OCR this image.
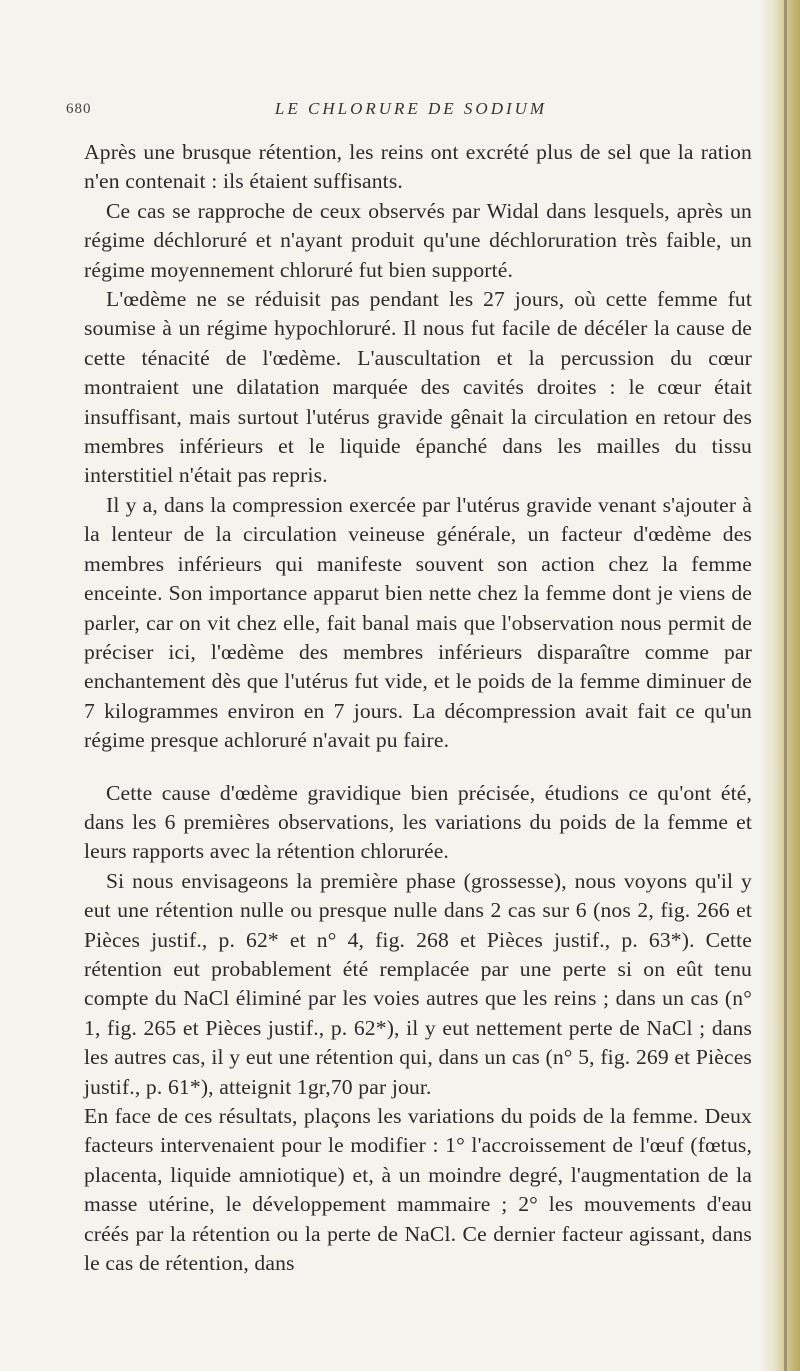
680	LE CHLORURE DE SODIUM

Après une brusque rétention, les reins ont excrété plus de sel que la ration n'en contenait : ils étaient suffisants.

Ce cas se rapproche de ceux observés par Widal dans lesquels, après un régime déchloruré et n'ayant produit qu'une déchloruration très faible, un régime moyennement chloruré fut bien supporté.

L'œdème ne se réduisit pas pendant les 27 jours, où cette femme fut soumise à un régime hypochloruré. Il nous fut facile de décéler la cause de cette ténacité de l'œdème. L'auscultation et la percussion du cœur montraient une dilatation marquée des cavités droites : le cœur était insuffisant, mais surtout l'utérus gravide gênait la circulation en retour des membres inférieurs et le liquide épanché dans les mailles du tissu interstitiel n'était pas repris.

Il y a, dans la compression exercée par l'utérus gravide venant s'ajouter à la lenteur de la circulation veineuse générale, un facteur d'œdème des membres inférieurs qui manifeste souvent son action chez la femme enceinte. Son importance apparut bien nette chez la femme dont je viens de parler, car on vit chez elle, fait banal mais que l'observation nous permit de préciser ici, l'œdème des membres inférieurs disparaître comme par enchantement dès que l'utérus fut vide, et le poids de la femme diminuer de 7 kilogrammes environ en 7 jours. La décompression avait fait ce qu'un régime presque achloruré n'avait pu faire.

Cette cause d'œdème gravidique bien précisée, étudions ce qu'ont été, dans les 6 premières observations, les variations du poids de la femme et leurs rapports avec la rétention chlorurée.

Si nous envisageons la première phase (grossesse), nous voyons qu'il y eut une rétention nulle ou presque nulle dans 2 cas sur 6 (nos 2, fig. 266 et Pièces justif., p. 62* et n° 4, fig. 268 et Pièces justif., p. 63*). Cette rétention eut probablement été remplacée par une perte si on eût tenu compte du NaCl éliminé par les voies autres que les reins ; dans un cas (n° 1, fig. 265 et Pièces justif., p. 62*), il y eut nettement perte de NaCl ; dans les autres cas, il y eut une rétention qui, dans un cas (n° 5, fig. 269 et Pièces justif., p. 61*), atteignit 1gr,70 par jour.

En face de ces résultats, plaçons les variations du poids de la femme. Deux facteurs intervenaient pour le modifier : 1° l'accroissement de l'œuf (fœtus, placenta, liquide amniotique) et, à un moindre degré, l'augmentation de la masse utérine, le développement mammaire ; 2° les mouvements d'eau créés par la rétention ou la perte de NaCl. Ce dernier facteur agissant, dans le cas de rétention, dans
